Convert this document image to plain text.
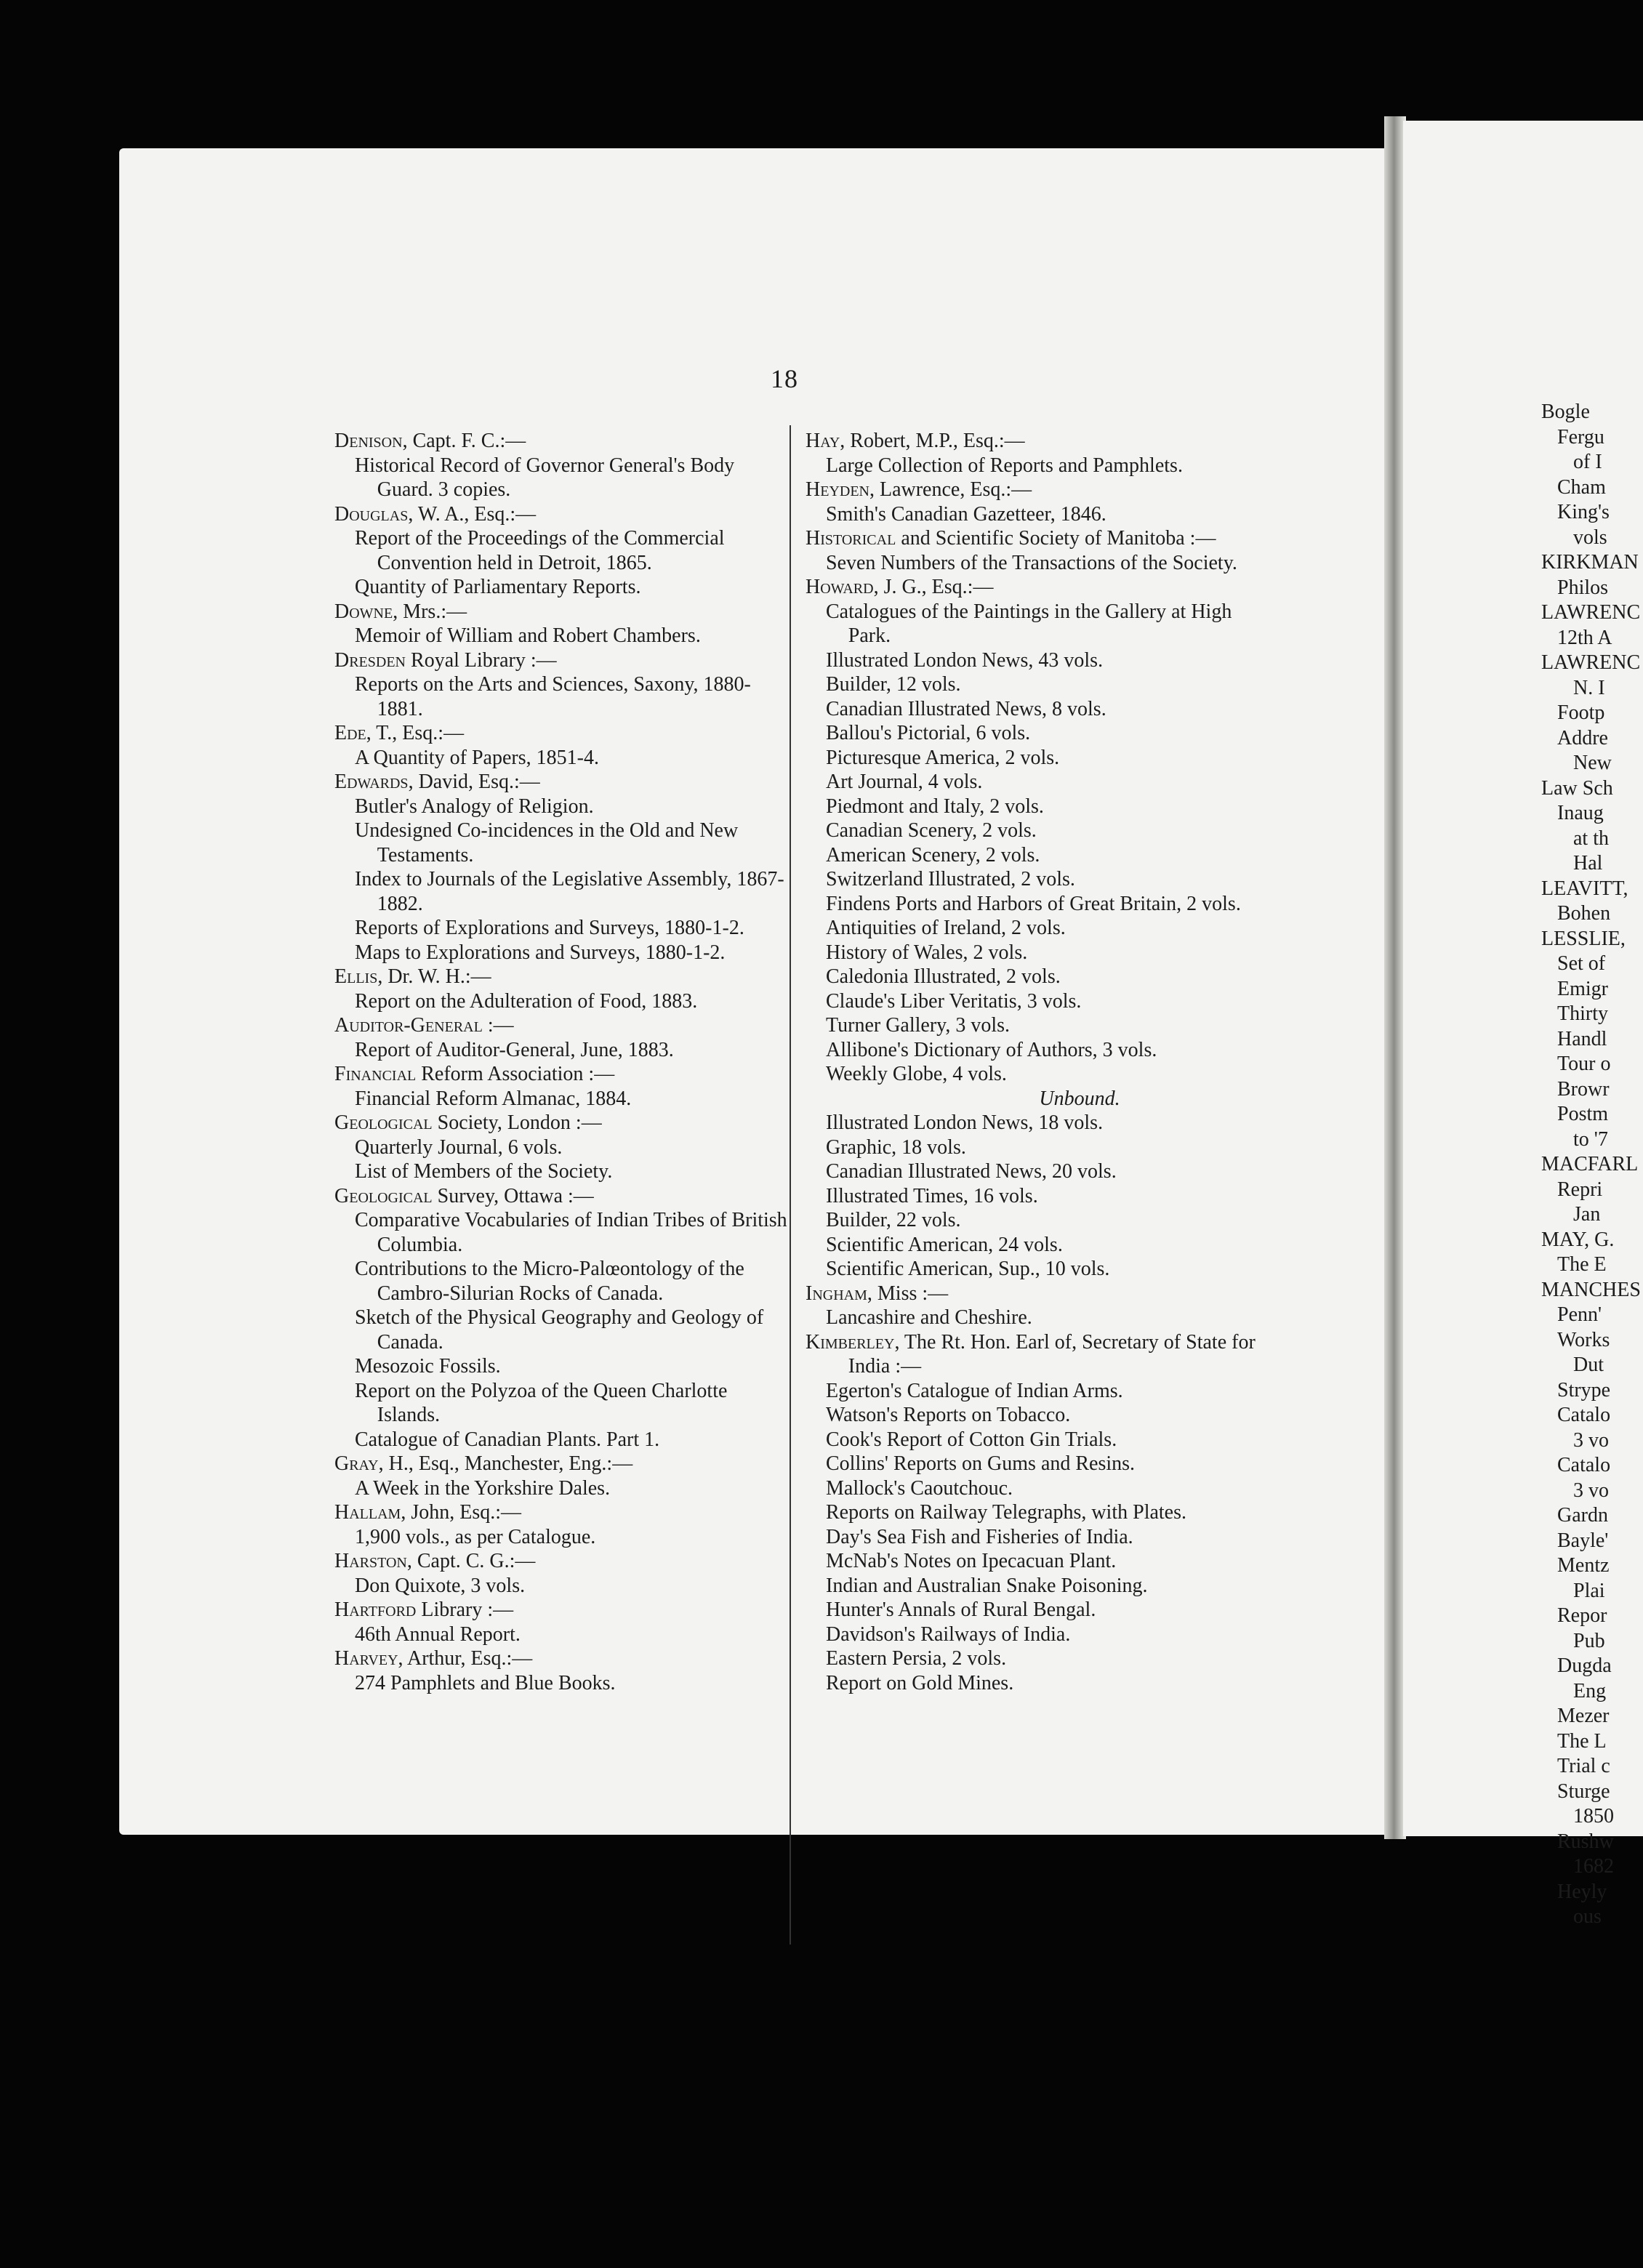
18

Denison, Capt. F. C.:—

Historical Record of Governor General's Body Guard. 3 copies.

Douglas, W. A., Esq.:—

Report of the Proceedings of the Commercial Convention held in Detroit, 1865.

Quantity of Parliamentary Reports.

Downe, Mrs.:—

Memoir of William and Robert Chambers.

Dresden Royal Library :—

Reports on the Arts and Sciences, Saxony, 1880-1881.

Ede, T., Esq.:—

A Quantity of Papers, 1851-4.

Edwards, David, Esq.:—

Butler's Analogy of Religion.

Undesigned Co-incidences in the Old and New Testaments.

Index to Journals of the Legislative Assembly, 1867-1882.

Reports of Explorations and Surveys, 1880-1-2.

Maps to Explorations and Surveys, 1880-1-2.

Ellis, Dr. W. H.:—

Report on the Adulteration of Food, 1883.

Auditor-General :—

Report of Auditor-General, June, 1883.

Financial Reform Association :—

Financial Reform Almanac, 1884.

Geological Society, London :—

Quarterly Journal, 6 vols.

List of Members of the Society.

Geological Survey, Ottawa :—

Comparative Vocabularies of Indian Tribes of British Columbia.

Contributions to the Micro-Palœontology of the Cambro-Silurian Rocks of Canada.

Sketch of the Physical Geography and Geology of Canada.

Mesozoic Fossils.

Report on the Polyzoa of the Queen Charlotte Islands.

Catalogue of Canadian Plants. Part 1.

Gray, H., Esq., Manchester, Eng.:—

A Week in the Yorkshire Dales.

Hallam, John, Esq.:—

1,900 vols., as per Catalogue.

Harston, Capt. C. G.:—

Don Quixote, 3 vols.

Hartford Library :—

46th Annual Report.

Harvey, Arthur, Esq.:—

274 Pamphlets and Blue Books.

Hay, Robert, M.P., Esq.:—

Large Collection of Reports and Pamphlets.

Heyden, Lawrence, Esq.:—

Smith's Canadian Gazetteer, 1846.

Historical and Scientific Society of Manitoba :—

Seven Numbers of the Transactions of the Society.

Howard, J. G., Esq.:—

Catalogues of the Paintings in the Gallery at High Park.

Illustrated London News, 43 vols.

Builder, 12 vols.

Canadian Illustrated News, 8 vols.

Ballou's Pictorial, 6 vols.

Picturesque America, 2 vols.

Art Journal, 4 vols.

Piedmont and Italy, 2 vols.

Canadian Scenery, 2 vols.

American Scenery, 2 vols.

Switzerland Illustrated, 2 vols.

Findens Ports and Harbors of Great Britain, 2 vols.

Antiquities of Ireland, 2 vols.

History of Wales, 2 vols.

Caledonia Illustrated, 2 vols.

Claude's Liber Veritatis, 3 vols.

Turner Gallery, 3 vols.

Allibone's Dictionary of Authors, 3 vols.

Weekly Globe, 4 vols.

Unbound.

Illustrated London News, 18 vols.

Graphic, 18 vols.

Canadian Illustrated News, 20 vols.

Illustrated Times, 16 vols.

Builder, 22 vols.

Scientific American, 24 vols.

Scientific American, Sup., 10 vols.

Ingham, Miss :—

Lancashire and Cheshire.

Kimberley, The Rt. Hon. Earl of, Secretary of State for India :—

Egerton's Catalogue of Indian Arms.

Watson's Reports on Tobacco.

Cook's Report of Cotton Gin Trials.

Collins' Reports on Gums and Resins.

Mallock's Caoutchouc.

Reports on Railway Telegraphs, with Plates.

Day's Sea Fish and Fisheries of India.

McNab's Notes on Ipecacuan Plant.

Indian and Australian Snake Poisoning.

Hunter's Annals of Rural Bengal.

Davidson's Railways of India.

Eastern Persia, 2 vols.

Report on Gold Mines.

Bogle

Fergu

of I

Cham

King's

vols

KIRKMAN

Philos

LAWRENC

12th A

LAWRENC

N. I

Footp

Addre

New

Law Sch

Inaug

at th

Hal

LEAVITT,

Bohen

LESSLIE,

Set of

Emigr

Thirty

Handl

Tour o

Browr

Postm

to '7

MACFARL

Repri

Jan

MAY, G.

The E

MANCHES

Penn'

Works

Dut

Strype

Catalo

3 vo

Catalo

3 vo

Gardn

Bayle'

Mentz

Plai

Repor

Pub

Dugda

Eng

Mezer

The L

Trial c

Sturge

1850

Rushw

1682

Heyly

ous
